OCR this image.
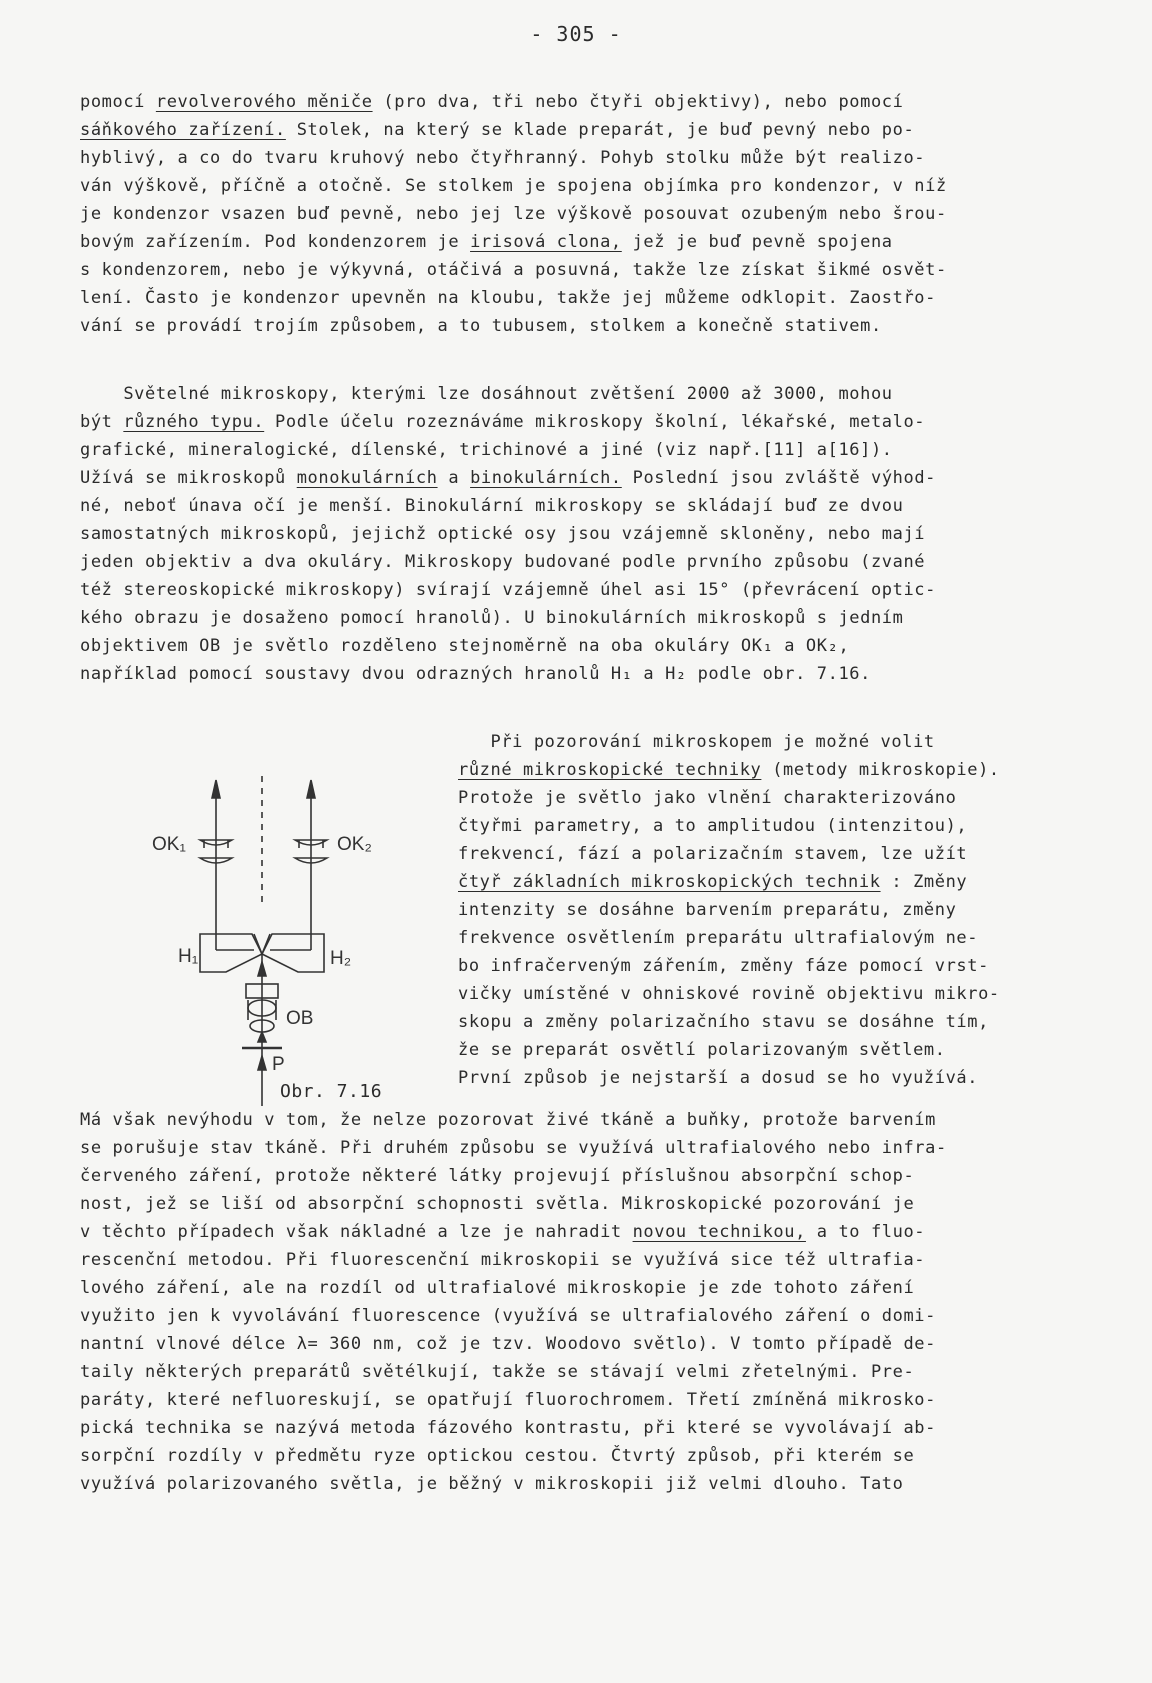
- 305 -
pomocí revolverového měniče (pro dva, tři nebo čtyři objektivy), nebo pomocí
sáňkového zařízení. Stolek, na který se klade preparát, je buď pevný nebo po-
hyblivý, a co do tvaru kruhový nebo čtyřhranný. Pohyb stolku může být realizo-
ván výškově, příčně a otočně. Se stolkem je spojena objímka pro kondenzor, v níž
je kondenzor vsazen buď pevně, nebo jej lze výškově posouvat ozubeným nebo šrou-
bovým zařízením. Pod kondenzorem je irisová clona, jež je buď pevně spojena
s kondenzorem, nebo je výkyvná, otáčivá a posuvná, takže lze získat šikmé osvět-
lení. Často je kondenzor upevněn na kloubu, takže jej můžeme odklopit. Zaostřo-
vání se provádí trojím způsobem, a to tubusem, stolkem a konečně stativem.
Světelné mikroskopy, kterými lze dosáhnout zvětšení 2000 až 3000, mohou
být různého typu. Podle účelu rozeznáváme mikroskopy školní, lékařské, metalo-
grafické, mineralogické, dílenské, trichinové a jiné (viz např.[11] a[16]).
Užívá se mikroskopů monokulárních a binokulárních. Poslední jsou zvláště výhod-
né, neboť únava očí je menší. Binokulární mikroskopy se skládají buď ze dvou
samostatných mikroskopů, jejichž optické osy jsou vzájemně skloněny, nebo mají
jeden objektiv a dva okuláry. Mikroskopy budované podle prvního způsobu (zvané
též stereoskopické mikroskopy) svírají vzájemně úhel asi 15° (převrácení optic-
kého obrazu je dosaženo pomocí hranolů). U binokulárních mikroskopů s jedním
objektivem OB je světlo rozděleno stejnoměrně na oba okuláry OK₁ a OK₂,
například pomocí soustavy dvou odrazných hranolů H₁ a H₂ podle obr. 7.16.
Při pozorování mikroskopem je možné volit
různé mikroskopické techniky (metody mikroskopie).
Protože je světlo jako vlnění charakterizováno
čtyřmi parametry, a to amplitudou (intenzitou),
frekvencí, fází a polarizačním stavem, lze užít
čtyř základních mikroskopických technik : Změny
intenzity se dosáhne barvením preparátu, změny
frekvence osvětlením preparátu ultrafialovým ne-
bo infračerveným zářením, změny fáze pomocí vrst-
vičky umístěné v ohniskové rovině objektivu mikro-
skopu a změny polarizačního stavu se dosáhne tím,
že se preparát osvětlí polarizovaným světlem.
První způsob je nejstarší a dosud se ho využívá.
Má však nevýhodu v tom, že nelze pozorovat živé tkáně a buňky, protože barvením
se porušuje stav tkáně. Při druhém způsobu se využívá ultrafialového nebo infra-
červeného záření, protože některé látky projevují příslušnou absorpční schop-
nost, jež se liší od absorpční schopnosti světla. Mikroskopické pozorování je
v těchto případech však nákladné a lze je nahradit novou technikou, a to fluo-
rescenční metodou. Při fluorescenční mikroskopii se využívá sice též ultrafia-
lového záření, ale na rozdíl od ultrafialové mikroskopie je zde tohoto záření
využito jen k vyvolávání fluorescence (využívá se ultrafialového záření o domi-
nantní vlnové délce λ= 360 nm, což je tzv. Woodovo světlo). V tomto případě de-
taily některých preparátů světélkují, takže se stávají velmi zřetelnými. Pre-
paráty, které nefluoreskují, se opatřují fluorochromem. Třetí zmíněná mikrosko-
pická technika se nazývá metoda fázového kontrastu, při které se vyvolávají ab-
sorpční rozdíly v předmětu ryze optickou cestou. Čtvrtý způsob, při kterém se
využívá polarizovaného světla, je běžný v mikroskopii již velmi dlouho. Tato
OK₁	OK₂
H₁	H₂
OB
P
Obr. 7.16
